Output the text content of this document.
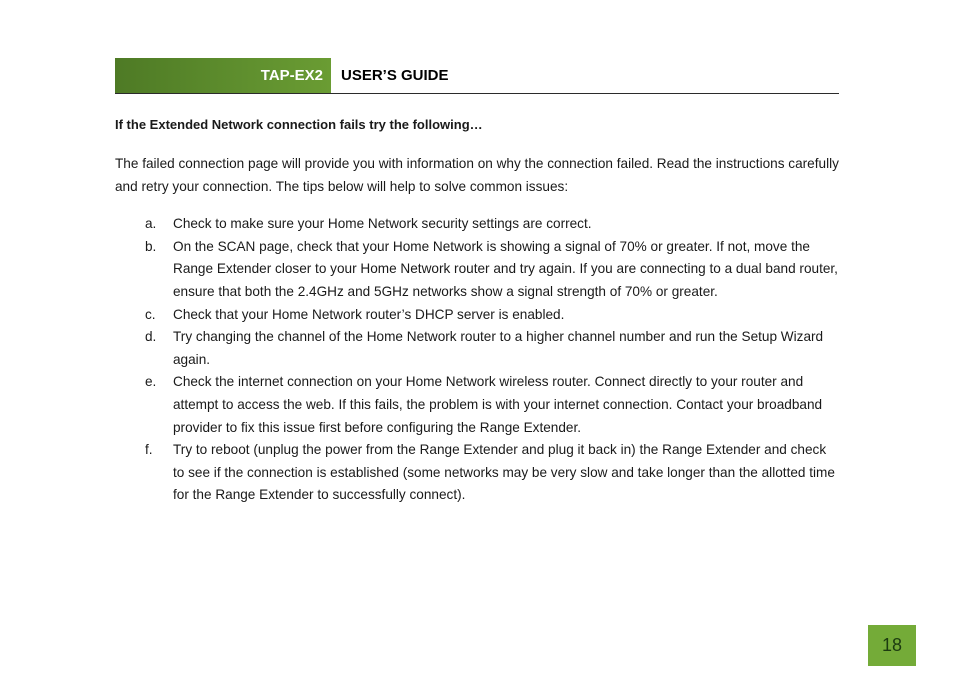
TAP-EX2	USER’S GUIDE

If the Extended Network connection fails try the following…

The failed connection page will provide you with information on why the connection failed. Read the instructions carefully and retry your connection. The tips below will help to solve common issues:

a. Check to make sure your Home Network security settings are correct.
b. On the SCAN page, check that your Home Network is showing a signal of 70% or greater. If not, move the Range Extender closer to your Home Network router and try again. If you are connecting to a dual band router, ensure that both the 2.4GHz and 5GHz networks show a signal strength of 70% or greater.
c. Check that your Home Network router’s DHCP server is enabled.
d. Try changing the channel of the Home Network router to a higher channel number and run the Setup Wizard again.
e. Check the internet connection on your Home Network wireless router. Connect directly to your router and attempt to access the web. If this fails, the problem is with your internet connection. Contact your broadband provider to fix this issue first before configuring the Range Extender.
f. Try to reboot (unplug the power from the Range Extender and plug it back in) the Range Extender and check to see if the connection is established (some networks may be very slow and take longer than the allotted time for the Range Extender to successfully connect).
18
